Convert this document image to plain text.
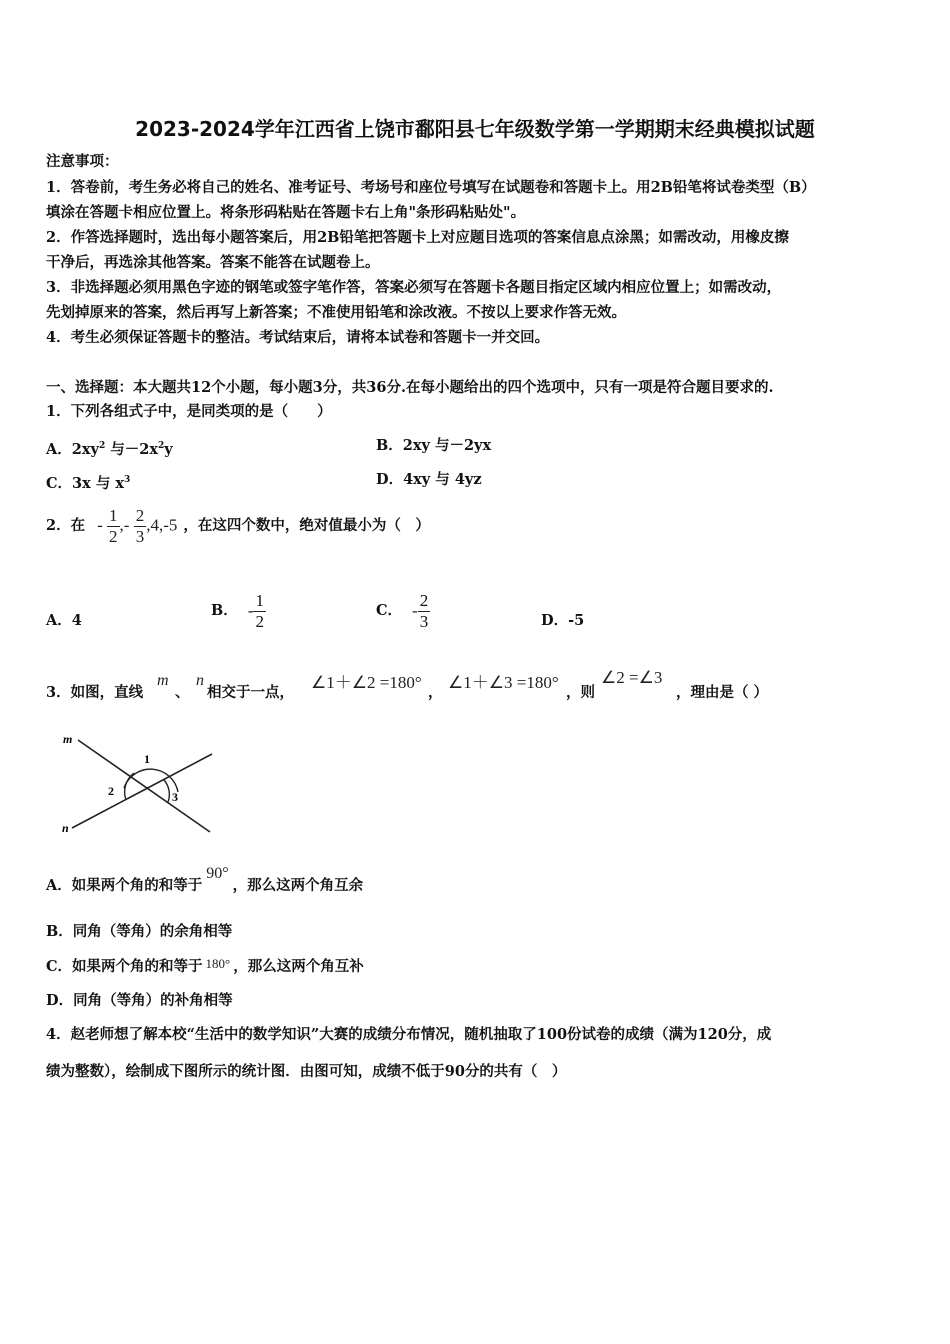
2023-2024学年江西省上饶市鄱阳县七年级数学第一学期期末经典模拟试题
注意事项：
1．答卷前，考生务必将自己的姓名、准考证号、考场号和座位号填写在试题卷和答题卡上。用2B铅笔将试卷类型（B）
填涂在答题卡相应位置上。将条形码粘贴在答题卡右上角"条形码粘贴处"。
2．作答选择题时，选出每小题答案后，用2B铅笔把答题卡上对应题目选项的答案信息点涂黑；如需改动，用橡皮擦
干净后，再选涂其他答案。答案不能答在试题卷上。
3．非选择题必须用黑色字迹的钢笔或签字笔作答，答案必须写在答题卡各题目指定区域内相应位置上；如需改动，
先划掉原来的答案，然后再写上新答案；不准使用铅笔和涂改液。不按以上要求作答无效。
4．考生必须保证答题卡的整洁。考试结束后，请将本试卷和答题卡一并交回。
一、选择题：本大题共12个小题，每小题3分，共36分.在每小题给出的四个选项中，只有一项是符合题目要求的.
1．下列各组式子中，是同类项的是（　　）
A．$2xy^2$ 与$-2x^2y$	B．2xy 与－2yx
C．3x 与 $x^3$	D．4xy 与 4yz
2．在 - $\frac{1}{2}$ ,- $\frac{2}{3} ,4,-5$ ，在这四个数中，绝对值最小为（　）
A．4
B． - $\frac{1}{2}$	C． - $\frac{2}{3}$	D．-5
3．如图，直线
m
、
n
相交于一点，
∠1＋∠2 =180°
，
∠1＋∠3 =180°
，则
∠2 =∠3
，理由是（ ）
m
n
1
2	3
A．如果两个角的和等于90°，那么这两个角互余
B．同角（等角）的余角相等
C．如果两个角的和等于 180° ，那么这两个角互补
D．同角（等角）的补角相等
4．赵老师想了解本校“生活中的数学知识”大赛的成绩分布情况，随机抽取了100份试卷的成绩（满为120分，成
绩为整数），绘制成下图所示的统计图．由图可知，成绩不低于90分的共有（　）
